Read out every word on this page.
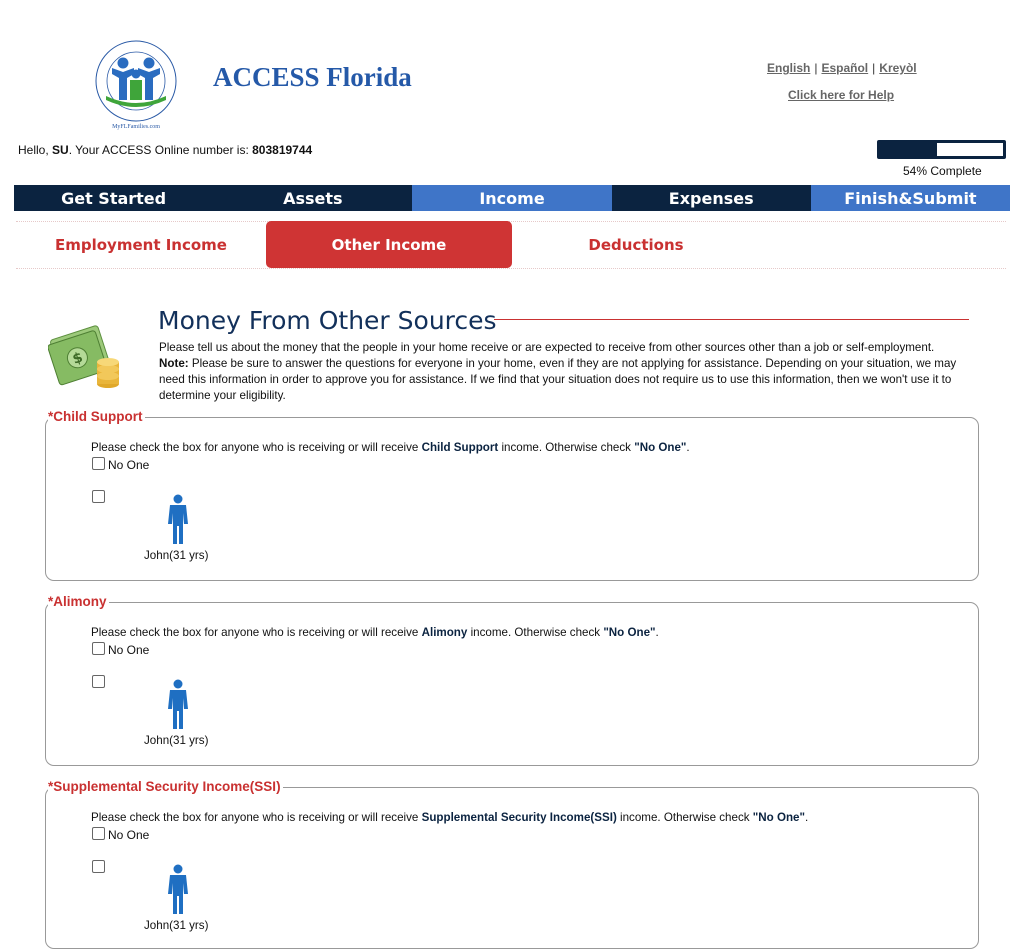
MyFLFamilies.com
ACCESS Florida	English | Español | Kreyòl
Click here for Help
Hello, SU. Your ACCESS Online number is: 803819744
54% Complete
Get Started	Assets	Income	Expenses	Finish&Submit
Employment Income	Other Income	Deductions
$
Money From Other Sources
Please tell us about the money that the people in your home receive or are expected to receive from other sources other than a job or self-employment.
Note: Please be sure to answer the questions for everyone in your home, even if they are not applying for assistance. Depending on your situation, we may need this information in order to approve you for assistance. If we find that your situation does not require us to use this information, then we won't use it to determine your eligibility.
*Child Support
Please check the box for anyone who is receiving or will receive Child Support income. Otherwise check "No One".
No One
John(31 yrs)
*Alimony
Please check the box for anyone who is receiving or will receive Alimony income. Otherwise check "No One".
No One
John(31 yrs)
*Supplemental Security Income(SSI)
Please check the box for anyone who is receiving or will receive Supplemental Security Income(SSI) income. Otherwise check "No One".
No One
John(31 yrs)
